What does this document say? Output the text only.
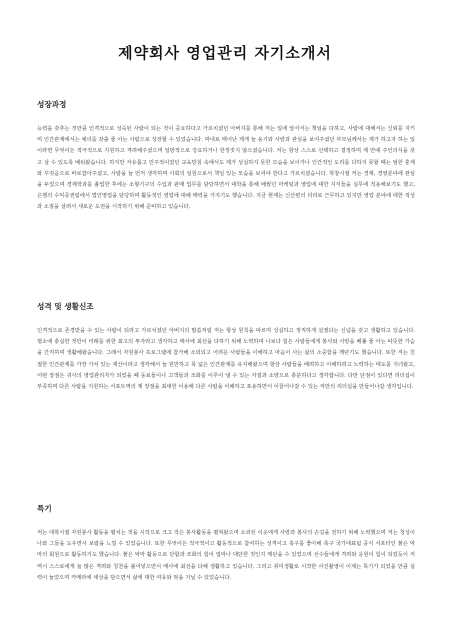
제약회사 영업관리 자기소개서
성장과정

능력을 갖추는 것만큼 인격적으로 성숙된 사람이 되는 것이 중요하다고 가르치셨던 아버지를 통해 저는 일에 앞서서는 책임을 다하고, 사람에 대해서는 신뢰를 지키며 인간관계에서는 예의를 갖출 줄 아는 사람으로 성장할 수 있었습니다. 막내로 태어난 제게 늘 용기와 사랑과 관심을 보여주셨던 부모님께서는 제가 하고자 하는 일이라면 무엇이든 적극적으로 지원하고 격려해주셨으며 일방적으로 강요하거나 한정짓지 않으셨습니다. 저는 항상 스스로 선택하고 결정하며 제 안에 주인의식을 갖고 살 수 있도록 배워왔습니다. 하지만 자유롭고 민주적이었던 교육방침 속에서도 제가 성실하지 못한 모습을 보이거나 인간적인 도리를 다하지 못할 때는 엄한 훈계와 꾸짖음으로 바로잡아주셨고, 사람을 늘 먼저 생각하며 사회의 일원으로서 책임 있는 모습을 보여야 한다고 가르치셨습니다. 학창시절 저는 경제, 경영분야에 관심을 두었으며 경제학과를 졸업한 후에는 소형기구의 수입과 판매 업무를 담당하면서 대학을 통해 배웠던 마케팅과 영업에 대한 지식들을 실무에 적용해보기도 했고, 은행의 수익증권팀에서 법인영업을 담당하며 활동적인 영업에 대해 매력을 가지기도 했습니다. 지금 현재는 신산편의 더리로 근무하고 있지만 영업 분야에 대한 적성과 소질을 살려서 새로운 도전을 시작하기 위해 준비하고 있습니다.

성격 및 생활신조

인격적으로 존경받을 수 있는 사람이 되라고 가르치셨던 아버지의 말씀처럼 저는 항상 원칙을 따르며 성실하고 정직하게 살겠다는 신념을 갖고 생활하고 있습니다. 평소에 충실한 것만이 미래를 위한 최고의 투자라고 생각하고 매사에 최선을 다하기 위해 노력하며 나보다 힘든 사람들에게 봉사와 사랑을 베풀 줄 아는 따뜻한 가슴을 간직하며 생활해왔습니다. 그래서 자원봉사 프로그램에 참가해 소외되고 어려운 사람들을 이해하고 마음이 사는 삶의 소중함을 깨닫기도 했습니다. 또한 저는 친절한 인간관계를 가장 가치 있는 재산이라고 생각해서 늘 원만하고 폭 넓은 인간관계를 유지해왔으며 항상 사람들을 배려하고 이해하려고 노력하는 태도를 지녀왔고, 어떤 장점은 귀사의 영업관리자가 되었을 때 동료들이나 고객들과 조화를 이루어 낼 수 있는 자질과 소양으로 충분하다고 생각합니다. 다만 단점이 있다면 리더십이 부족하며 다른 사람을 지원하는 서포트역의 제 장점을 최대한 이용해 다른 사람을 이해하고 포용하면서 이끌어나갈 수 있는 저만의 리더십을 만들어나갈 생각입니다.

특기

저는 대학시절 자원봉사 활동을 펼치는 것을 시작으로 크고 작은 봉사활동을 펼쳐왔으며 소외된 이웃에게 사랑과 봉사의 손길을 전하기 위해 노력했으며 저는 청성이나와 그들을 도우면서 보람을 느낄 수 있었습니다. 또한 무엇이든 적극적이고 활동적으로 참여하는 성격이고 축구를 좋아해 축구 국가대표팀 공식 서포터인 붉은 악마의 회원으로 활동하기도 했습니다. 붉은 악마 활동으로 단합과 조화의 힘이 얼마나 대단한 것인지 깨닫을 수 있었으며 선수들에게 격려와 응원이 힘이 되었듯이 저 역시 스스로에게 늘 많은 격려와 칭찬을 불어넣으면서 매사에 최선을 다해 생활하고 있습니다. 그리고 취미생활로 시작한 사진촬영이 이제는 특기가 되었을 만큼 실력이 늘었으며 카메라에 세상을 담으면서 삶에 대한 여유와 멋을 지닐 수 있었습니다.
